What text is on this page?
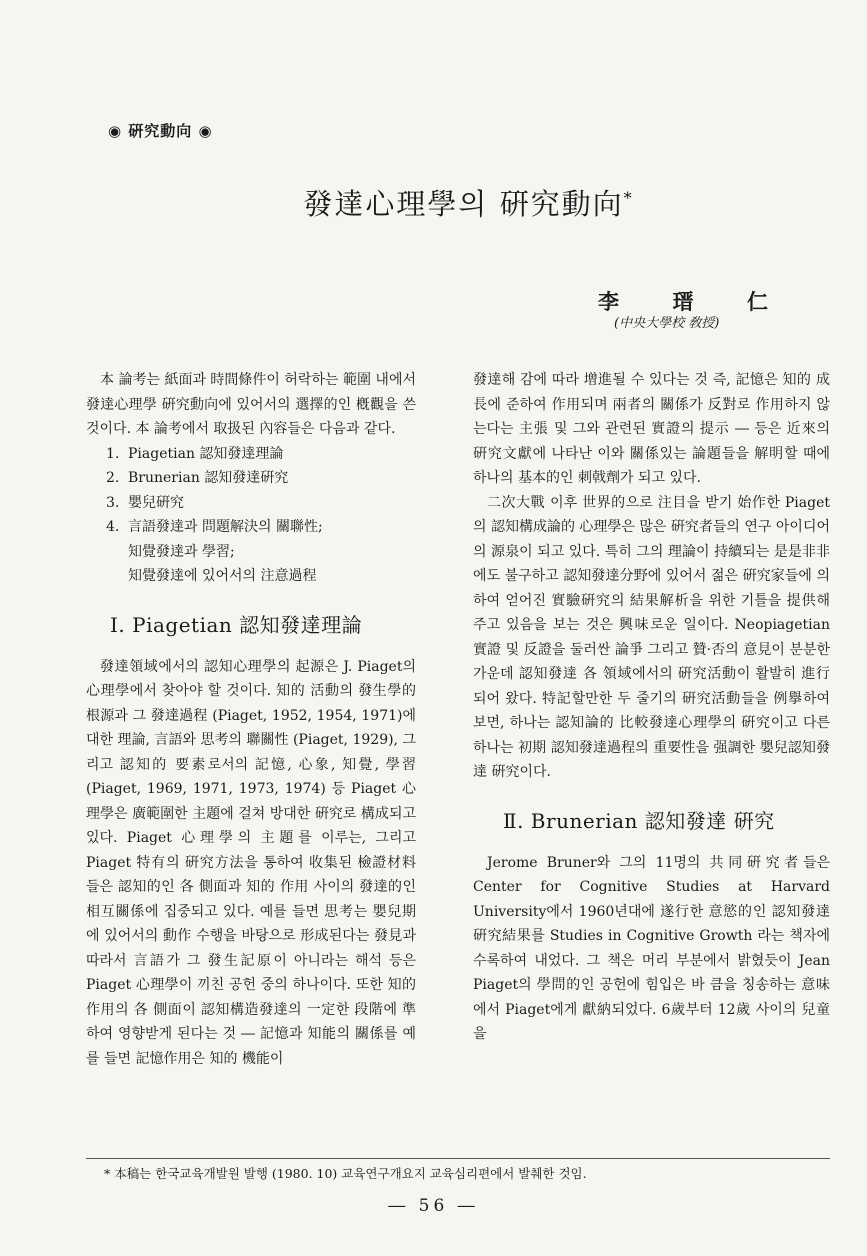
◉ 硏究動向 ◉
發達心理學의 硏究動向*
李	瑨	仁
(中央大學校 敎授)

本 論考는 紙面과 時間條件이 허락하는 範圍 내에서 發達心理學 硏究動向에 있어서의 選擇的인 槪觀을 쓴 것이다. 本 論考에서 取扱된 內容들은 다음과 같다.

1. Piagetian 認知發達理論
2. Brunerian 認知發達硏究
3. 嬰兒硏究
4. 言語發達과 問題解決의 關聯性;
知覺發達과 學習;
知覺發達에 있어서의 注意過程
Ⅰ. Piagetian 認知發達理論

發達領域에서의 認知心理學의 起源은 J. Piaget의 心理學에서 찾아야 할 것이다. 知的 活動의 發生學的 根源과 그 發達過程 (Piaget, 1952, 1954, 1971)에 대한 理論, 言語와 思考의 聯關性 (Piaget, 1929), 그리고 認知的 要素로서의 記憶, 心象, 知覺, 學習 (Piaget, 1969, 1971, 1973, 1974) 등 Piaget 心理學은 廣範圍한 主題에 걸쳐 방대한 硏究로 構成되고 있다. Piaget 心理學의 主題를 이루는, 그리고 Piaget 特有의 硏究方法을 통하여 收集된 檢證材料들은 認知的인 各 側面과 知的 作用 사이의 發達的인 相互關係에 집중되고 있다. 예를 들면 思考는 嬰兒期에 있어서의 動作 수행을 바탕으로 形成된다는 發見과 따라서 言語가 그 發生記原이 아니라는 해석 등은 Piaget 心理學이 끼친 공헌 중의 하나이다. 또한 知的 作用의 各 側面이 認知構造發達의 一定한 段階에 準하여 영향받게 된다는 것 ― 記憶과 知能의 關係를 예를 들면 記憶作用은 知的 機能이

發達해 감에 따라 增進될 수 있다는 것 즉, 記憶은 知的 成長에 준하여 作用되며 兩者의 關係가 反對로 作用하지 않는다는 主張 및 그와 관련된 實證의 提示 ― 등은 近來의 硏究文獻에 나타난 이와 關係있는 論題들을 解明할 때에 하나의 基本的인 刺戟劑가 되고 있다.

二次大戰 이후 世界的으로 注目을 받기 始作한 Piaget의 認知構成論的 心理學은 많은 硏究者들의 연구 아이디어의 源泉이 되고 있다. 특히 그의 理論이 持續되는 是是非非에도 불구하고 認知發達分野에 있어서 젊은 硏究家들에 의하여 얻어진 實驗硏究의 結果解析을 위한 기틀을 提供해 주고 있음을 보는 것은 興味로운 일이다. Neopiagetian 實證 및 反證을 둘러싼 論爭 그리고 贊·否의 意見이 분분한 가운데 認知發達 各 領域에서의 硏究活動이 활발히 進行되어 왔다. 特記할만한 두 줄기의 硏究活動들을 例擧하여 보면, 하나는 認知論的 比較發達心理學의 硏究이고 다른 하나는 初期 認知發達過程의 重要性을 强調한 嬰兒認知發達 硏究이다.

Ⅱ. Brunerian 認知發達 硏究

Jerome Bruner와 그의 11명의 共同硏究者들은 Center for Cognitive Studies at Harvard University에서 1960년대에 遂行한 意慾的인 認知發達 硏究結果를 Studies in Cognitive Growth 라는 책자에 수록하여 내었다. 그 책은 머리 부분에서 밝혔듯이 Jean Piaget의 學問的인 공헌에 힘입은 바 큼을 칭송하는 意味에서 Piaget에게 獻納되었다. 6歲부터 12歲 사이의 兒童을

* 本稿는 한국교육개발원 발행 (1980. 10) 교육연구개요지 교육심리편에서 발췌한 것임.
― 56 ―
